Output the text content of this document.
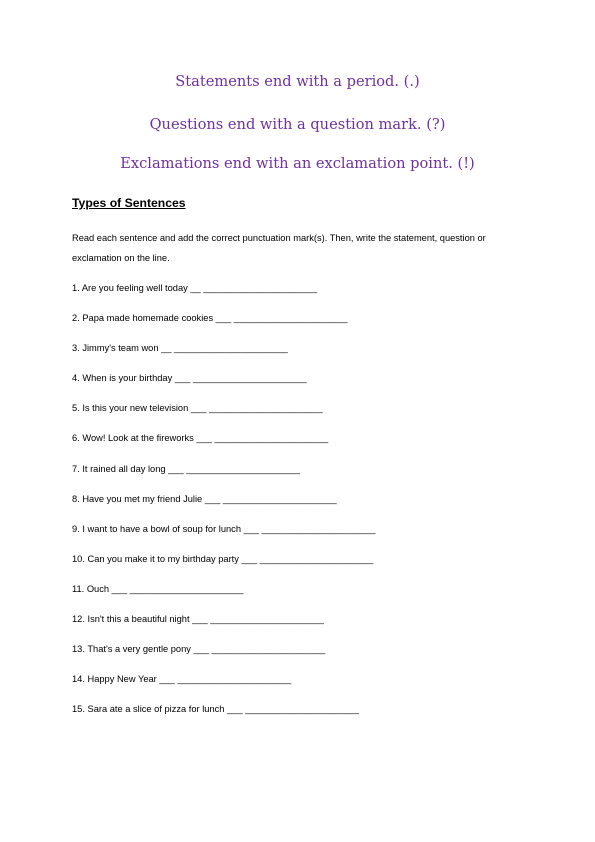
Statements end with a period. (.)
Questions end with a question mark. (?)
Exclamations end with an exclamation point. (!)
Types of Sentences
Read each sentence and add the correct punctuation mark(s). Then, write the statement, question or exclamation on the line.
1. Are you feeling well today __ ______________________
2. Papa made homemade cookies ___ ______________________
3. Jimmy's team won __ ______________________
4. When is your birthday ___ ______________________
5. Is this your new television ___ ______________________
6. Wow! Look at the fireworks ___ ______________________
7. It rained all day long ___ ______________________
8. Have you met my friend Julie ___ ______________________
9. I want to have a bowl of soup for lunch ___ ______________________
10. Can you make it to my birthday party ___ ______________________
11. Ouch ___ ______________________
12. Isn't this a beautiful night ___ ______________________
13. That's a very gentle pony ___ ______________________
14. Happy New Year ___ ______________________
15. Sara ate a slice of pizza for lunch ___ ______________________
